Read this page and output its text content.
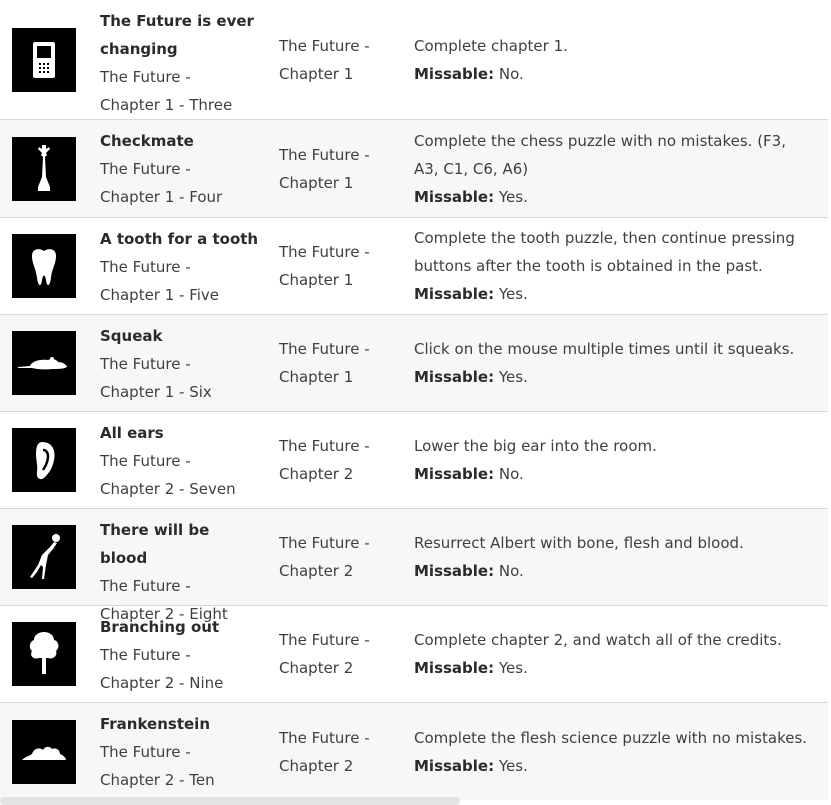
The Future is ever
changing
The Future -
Chapter 1 - Three
The Future -
Chapter 1
Complete chapter 1.
Missable: No.
Checkmate
The Future -
Chapter 1 - Four
The Future -
Chapter 1
Complete the chess puzzle with no mistakes. (F3, A3, C1, C6, A6)
Missable: Yes.
A tooth for a tooth
The Future -
Chapter 1 - Five
The Future -
Chapter 1
Complete the tooth puzzle, then continue pressing buttons after the tooth is obtained in the past.
Missable: Yes.
Squeak
The Future -
Chapter 1 - Six
The Future -
Chapter 1
Click on the mouse multiple times until it squeaks.
Missable: Yes.
All ears
The Future -
Chapter 2 - Seven
The Future -
Chapter 2
Lower the big ear into the room.
Missable: No.
There will be blood
The Future -
Chapter 2 - Eight
The Future -
Chapter 2
Resurrect Albert with bone, flesh and blood.
Missable: No.
Branching out
The Future -
Chapter 2 - Nine
The Future -
Chapter 2
Complete chapter 2, and watch all of the credits.
Missable: Yes.
Frankenstein
The Future -
Chapter 2 - Ten
The Future -
Chapter 2
Complete the flesh science puzzle with no mistakes.
Missable: Yes.
